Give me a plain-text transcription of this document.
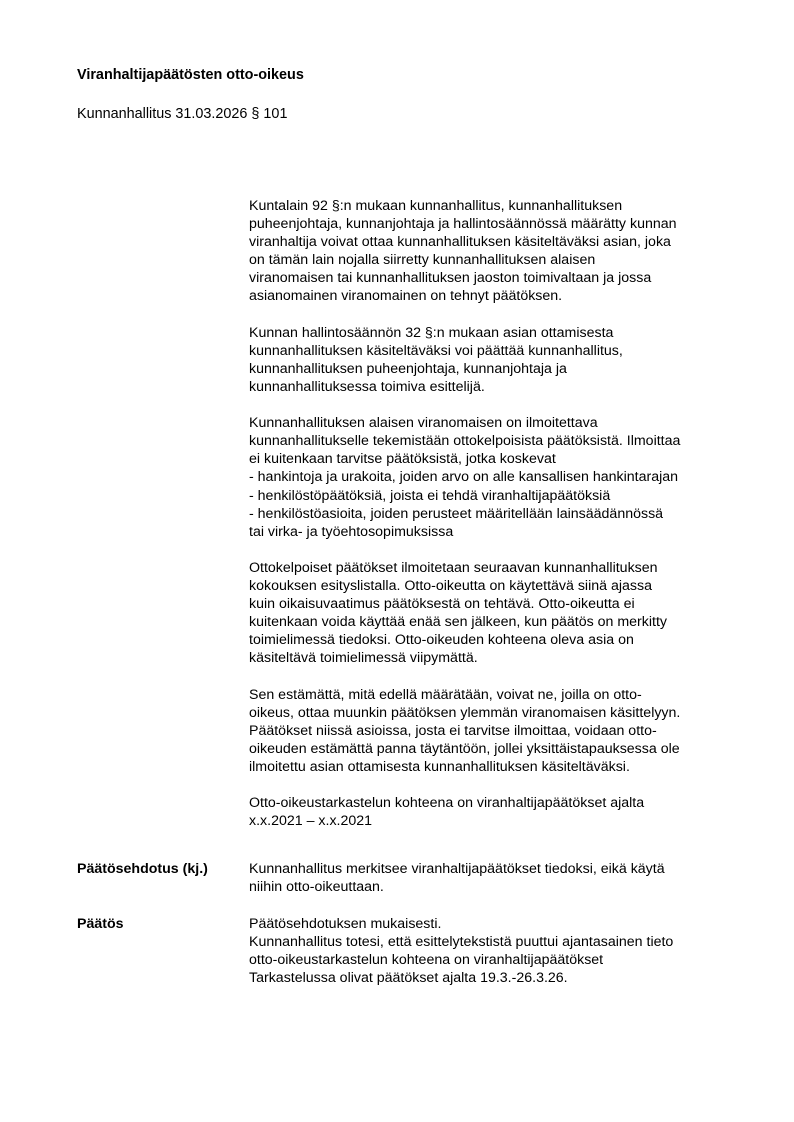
Viranhaltijapäätösten otto-oikeus

Kunnanhallitus 31.03.2026 § 101

Kuntalain 92 §:n mukaan kunnanhallitus, kunnanhallituksen
puheenjohtaja, kunnanjohtaja ja hallintosäännössä määrätty kunnan
viranhaltija voivat ottaa kunnanhallituksen käsiteltäväksi asian, joka
on tämän lain nojalla siirretty kunnanhallituksen alaisen
viranomaisen tai kunnanhallituksen jaoston toimivaltaan ja jossa
asianomainen viranomainen on tehnyt päätöksen.

Kunnan hallintosäännön 32 §:n mukaan asian ottamisesta
kunnanhallituksen käsiteltäväksi voi päättää kunnanhallitus,
kunnanhallituksen puheenjohtaja, kunnanjohtaja ja
kunnanhallituksessa toimiva esittelijä.

Kunnanhallituksen alaisen viranomaisen on ilmoitettava
kunnanhallitukselle tekemistään ottokelpoisista päätöksistä. Ilmoittaa
ei kuitenkaan tarvitse päätöksistä, jotka koskevat
- hankintoja ja urakoita, joiden arvo on alle kansallisen hankintarajan
- henkilöstöpäätöksiä, joista ei tehdä viranhaltijapäätöksiä
- henkilöstöasioita, joiden perusteet määritellään lainsäädännössä
tai virka- ja työehtosopimuksissa

Ottokelpoiset päätökset ilmoitetaan seuraavan kunnanhallituksen
kokouksen esityslistalla. Otto-oikeutta on käytettävä siinä ajassa
kuin oikaisuvaatimus päätöksestä on tehtävä. Otto-oikeutta ei
kuitenkaan voida käyttää enää sen jälkeen, kun päätös on merkitty
toimielimessä tiedoksi. Otto-oikeuden kohteena oleva asia on
käsiteltävä toimielimessä viipymättä.

Sen estämättä, mitä edellä määrätään, voivat ne, joilla on otto-
oikeus, ottaa muunkin päätöksen ylemmän viranomaisen käsittelyyn.
Päätökset niissä asioissa, josta ei tarvitse ilmoittaa, voidaan otto-
oikeuden estämättä panna täytäntöön, jollei yksittäistapauksessa ole
ilmoitettu asian ottamisesta kunnanhallituksen käsiteltäväksi.

Otto-oikeustarkastelun kohteena on viranhaltijapäätökset ajalta
x.x.2021 – x.x.2021

Päätösehdotus (kj.)	Kunnanhallitus merkitsee viranhaltijapäätökset tiedoksi, eikä käytä
niihin otto-oikeuttaan.
Päätös	Päätösehdotuksen mukaisesti.
Kunnanhallitus totesi, että esittelytekstistä puuttui ajantasainen tieto
otto-oikeustarkastelun kohteena on viranhaltijapäätökset
Tarkastelussa olivat päätökset ajalta 19.3.-26.3.26.
